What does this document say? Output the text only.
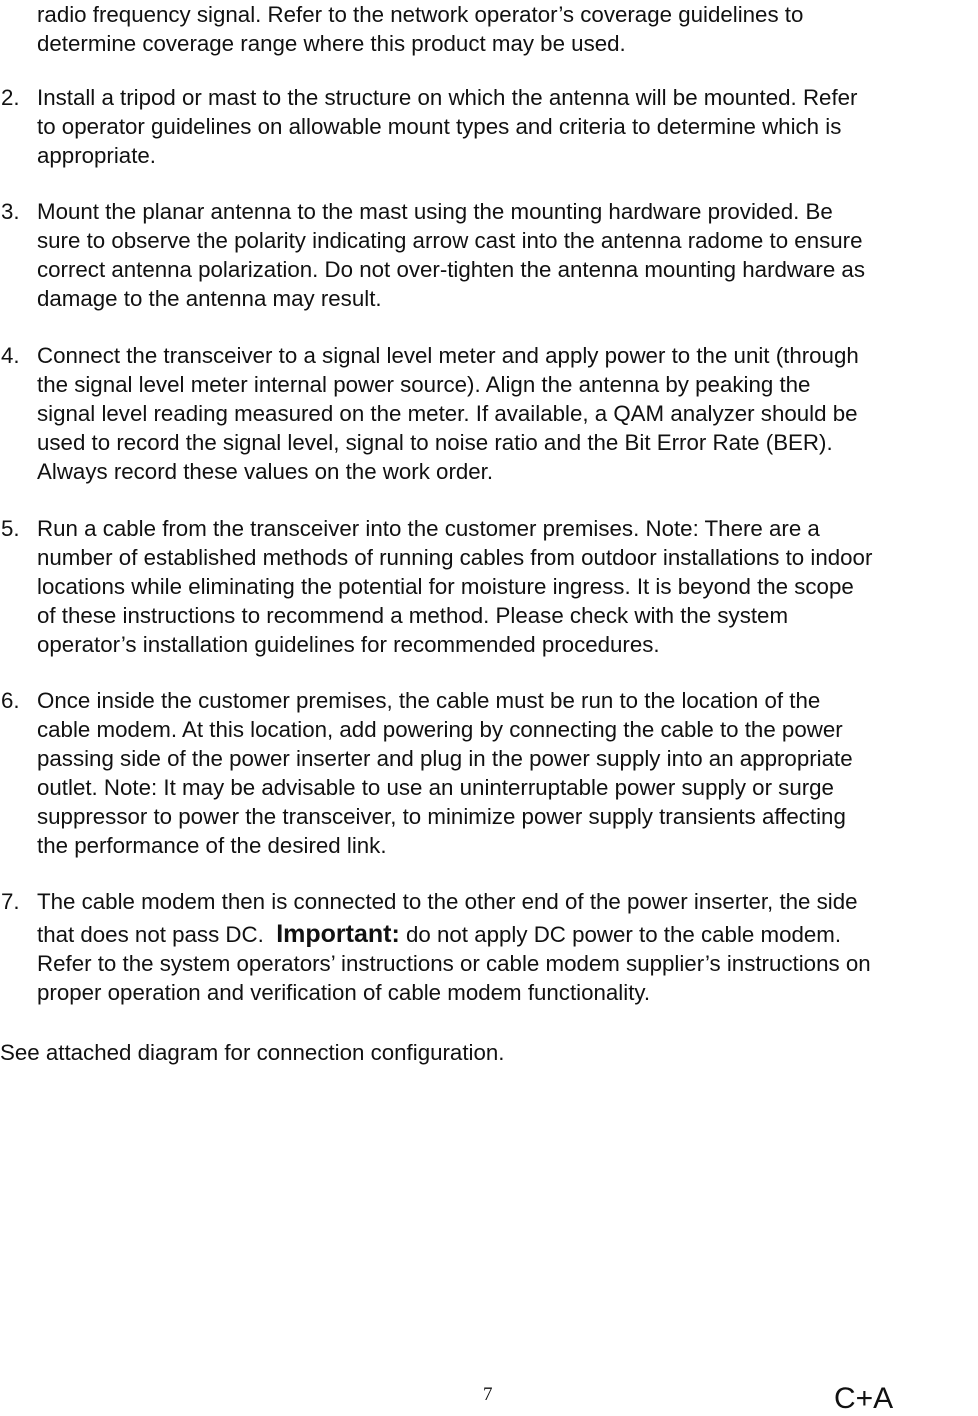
radio frequency signal. Refer to the network operator’s coverage guidelines to
determine coverage range where this product may be used.

2. Install a tripod or mast to the structure on which the antenna will be mounted. Refer
to operator guidelines on allowable mount types and criteria to determine which is
appropriate.

3. Mount the planar antenna to the mast using the mounting hardware provided. Be
sure to observe the polarity indicating arrow cast into the antenna radome to ensure
correct antenna polarization. Do not over-tighten the antenna mounting hardware as
damage to the antenna may result.

4. Connect the transceiver to a signal level meter and apply power to the unit (through
the signal level meter internal power source). Align the antenna by peaking the
signal level reading measured on the meter. If available, a QAM analyzer should be
used to record the signal level, signal to noise ratio and the Bit Error Rate (BER).
Always record these values on the work order.

5. Run a cable from the transceiver into the customer premises. Note: There are a
number of established methods of running cables from outdoor installations to indoor
locations while eliminating the potential for moisture ingress. It is beyond the scope
of these instructions to recommend a method. Please check with the system
operator’s installation guidelines for recommended procedures.

6. Once inside the customer premises, the cable must be run to the location of the
cable modem. At this location, add powering by connecting the cable to the power
passing side of the power inserter and plug in the power supply into an appropriate
outlet. Note: It may be advisable to use an uninterruptable power supply or surge
suppressor to power the transceiver, to minimize power supply transients affecting
the performance of the desired link.

7. The cable modem then is connected to the other end of the power inserter, the side
that does not pass DC.  Important: do not apply DC power to the cable modem.
Refer to the system operators’ instructions or cable modem supplier’s instructions on
proper operation and verification of cable modem functionality.

See attached diagram for connection configuration.

7	C+A
